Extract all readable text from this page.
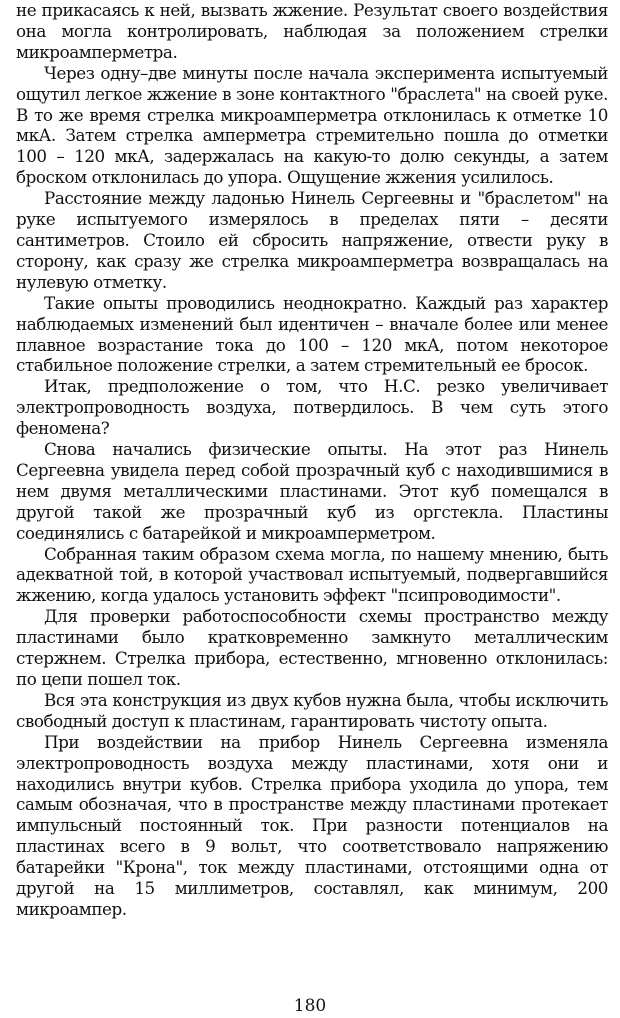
не прикасаясь к ней, вызвать жжение. Результат своего воздействия она могла контролировать, наблюдая за положением стрелки микроамперметра.

Через одну–две минуты после начала эксперимента испытуемый ощутил легкое жжение в зоне контактного "браслета" на своей руке. В то же время стрелка микроамперметра отклонилась к отметке 10 мкА. Затем стрелка амперметра стремительно пошла до отметки 100 – 120 мкА, задержалась на какую-то долю секунды, а затем броском отклонилась до упора. Ощущение жжения усилилось.

Расстояние между ладонью Нинель Сергеевны и "браслетом" на руке испытуемого измерялось в пределах пяти – десяти сантиметров. Стоило ей сбросить напряжение, отвести руку в сторону, как сразу же стрелка микроамперметра возвращалась на нулевую отметку.

Такие опыты проводились неоднократно. Каждый раз характер наблюдаемых изменений был идентичен – вначале более или менее плавное возрастание тока до 100 – 120 мкА, потом некоторое стабильное положение стрелки, а затем стремительный ее бросок.

Итак, предположение о том, что Н.С. резко увеличивает электропроводность воздуха, потвердилось. В чем суть этого феномена?

Снова начались физические опыты. На этот раз Нинель Сергеевна увидела перед собой прозрачный куб с находившимися в нем двумя металлическими пластинами. Этот куб помещался в другой такой же прозрачный куб из оргстекла. Пластины соединялись с батарейкой и микроамперметром.

Собранная таким образом схема могла, по нашему мнению, быть адекватной той, в которой участвовал испытуемый, подвергавшийся жжению, когда удалось установить эффект "псипроводимости".

Для проверки работоспособности схемы пространство между пластинами было кратковременно замкнуто металлическим стержнем. Стрелка прибора, естественно, мгновенно отклонилась: по цепи пошел ток.

Вся эта конструкция из двух кубов нужна была, чтобы исключить свободный доступ к пластинам, гарантировать чистоту опыта.

При воздействии на прибор Нинель Сергеевна изменяла электропроводность воздуха между пластинами, хотя они и находились внутри кубов. Стрелка прибора уходила до упора, тем самым обозначая, что в пространстве между пластинами протекает импульсный постоянный ток. При разности потенциалов на пластинах всего в 9 вольт, что соответствовало напряжению батарейки "Крона", ток между пластинами, отстоящими одна от другой на 15 миллиметров, составлял, как минимум, 200 микроампер.

180
